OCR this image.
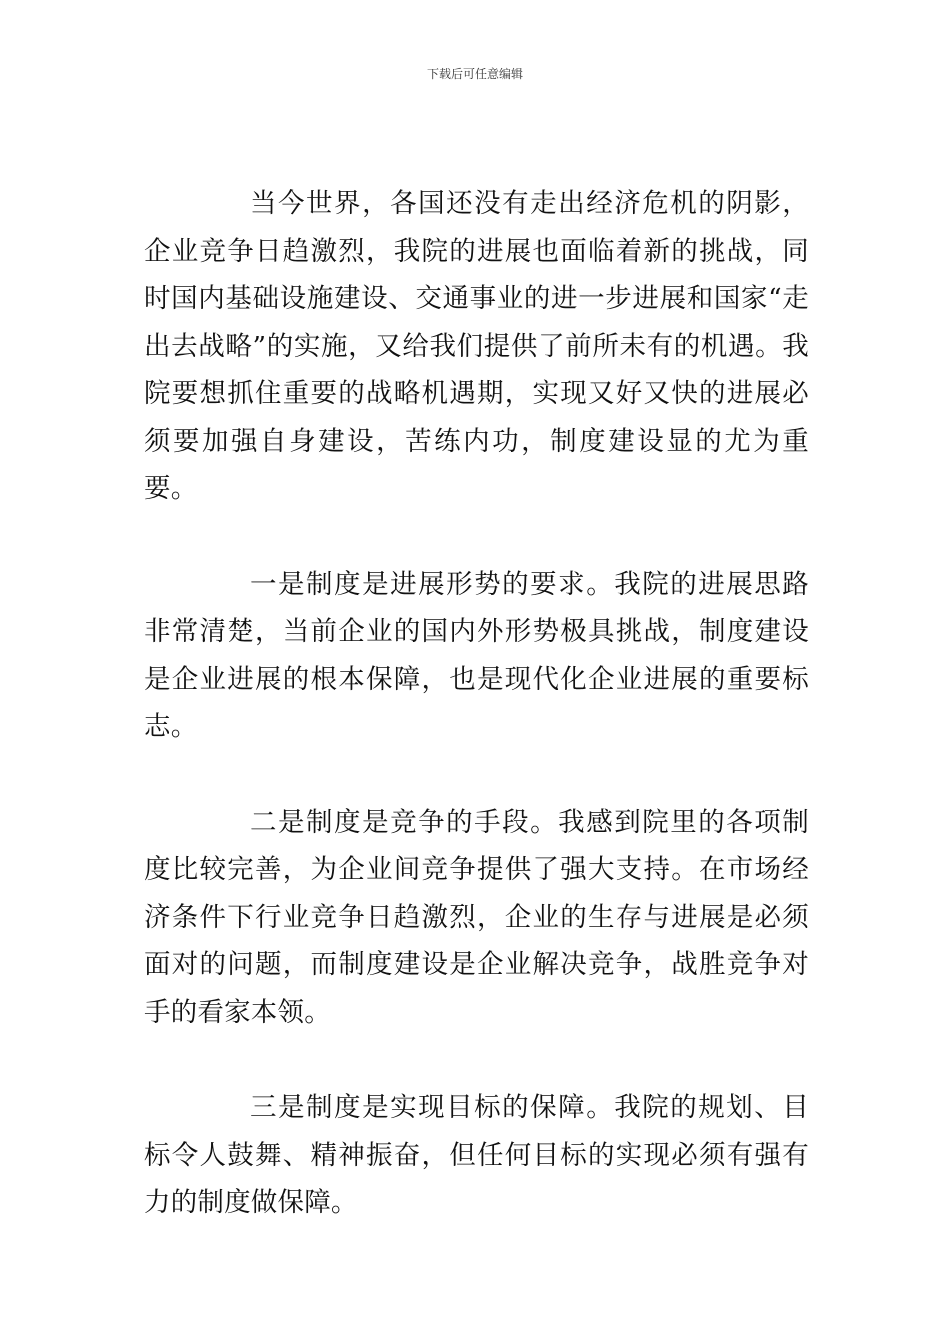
下载后可任意编辑

当今世界，各国还没有走出经济危机的阴影，企业竞争日趋激烈，我院的进展也面临着新的挑战，同时国内基础设施建设、交通事业的进一步进展和国家“走出去战略”的实施，又给我们提供了前所未有的机遇。我院要想抓住重要的战略机遇期，实现又好又快的进展必须要加强自身建设，苦练内功，制度建设显的尤为重要。

一是制度是进展形势的要求。我院的进展思路非常清楚，当前企业的国内外形势极具挑战，制度建设是企业进展的根本保障，也是现代化企业进展的重要标志。

二是制度是竞争的手段。我感到院里的各项制度比较完善，为企业间竞争提供了强大支持。在市场经济条件下行业竞争日趋激烈，企业的生存与进展是必须面对的问题，而制度建设是企业解决竞争，战胜竞争对手的看家本领。

三是制度是实现目标的保障。我院的规划、目标令人鼓舞、精神振奋，但任何目标的实现必须有强有力的制度做保障。
